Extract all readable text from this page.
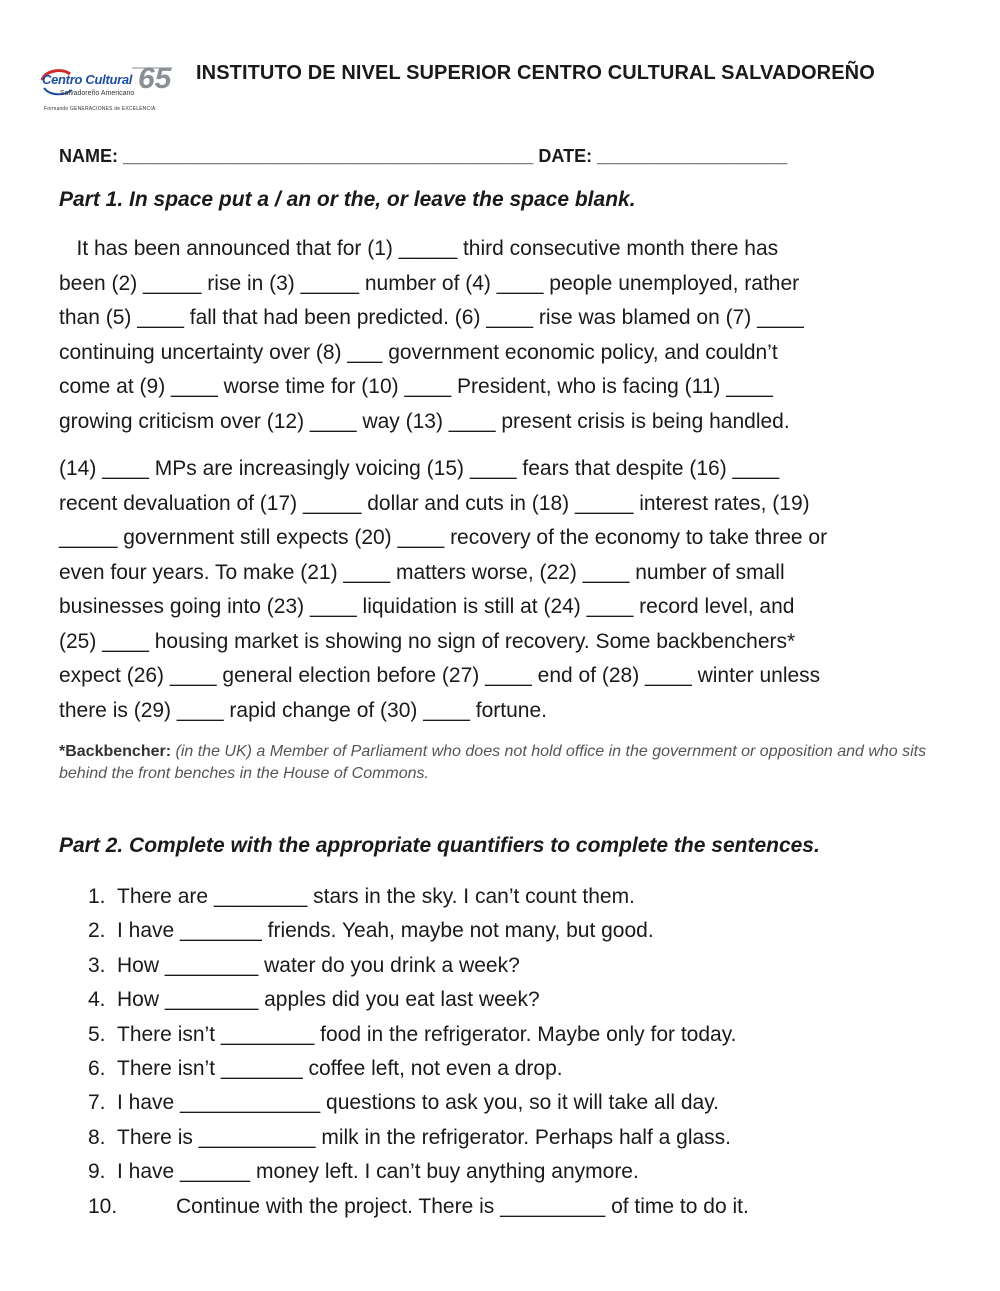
Centro Cultural 65
Salvadoreño Americano
Formando GENERACIONES de EXCELENCIA
INSTITUTO DE NIVEL SUPERIOR CENTRO CULTURAL SALVADOREÑO
NAME: _________________________________________ DATE: ___________________
Part 1. In space put a / an or the, or leave the space blank.
It has been announced that for (1) _____ third consecutive month there has
been (2) _____ rise in (3) _____ number of (4) ____ people unemployed, rather
than (5) ____ fall that had been predicted. (6) ____ rise was blamed on (7) ____
continuing uncertainty over (8) ___ government economic policy, and couldn’t
come at (9) ____ worse time for (10) ____ President, who is facing (11) ____
growing criticism over (12) ____ way (13) ____ present crisis is being handled.
(14) ____ MPs are increasingly voicing (15) ____ fears that despite (16) ____
recent devaluation of (17) _____ dollar and cuts in (18) _____ interest rates, (19)
_____ government still expects (20) ____ recovery of the economy to take three or
even four years. To make (21) ____ matters worse, (22) ____ number of small
businesses going into (23) ____ liquidation is still at (24) ____ record level, and
(25) ____ housing market is showing no sign of recovery. Some backbenchers*
expect (26) ____ general election before (27) ____ end of (28) ____ winter unless
there is (29) ____ rapid change of (30) ____ fortune.
*Backbencher: (in the UK) a Member of Parliament who does not hold office in the government or opposition and who sits behind the front benches in the House of Commons.
Part 2. Complete with the appropriate quantifiers to complete the sentences.
1. There are ________ stars in the sky. I can’t count them.
2. I have _______ friends. Yeah, maybe not many, but good.
3. How ________ water do you drink a week?
4. How ________ apples did you eat last week?
5. There isn’t ________ food in the refrigerator. Maybe only for today.
6. There isn’t _______ coffee left, not even a drop.
7. I have ____________ questions to ask you, so it will take all day.
8. There is __________ milk in the refrigerator. Perhaps half a glass.
9. I have ______ money left. I can’t buy anything anymore.
10.	Continue with the project. There is _________ of time to do it.
